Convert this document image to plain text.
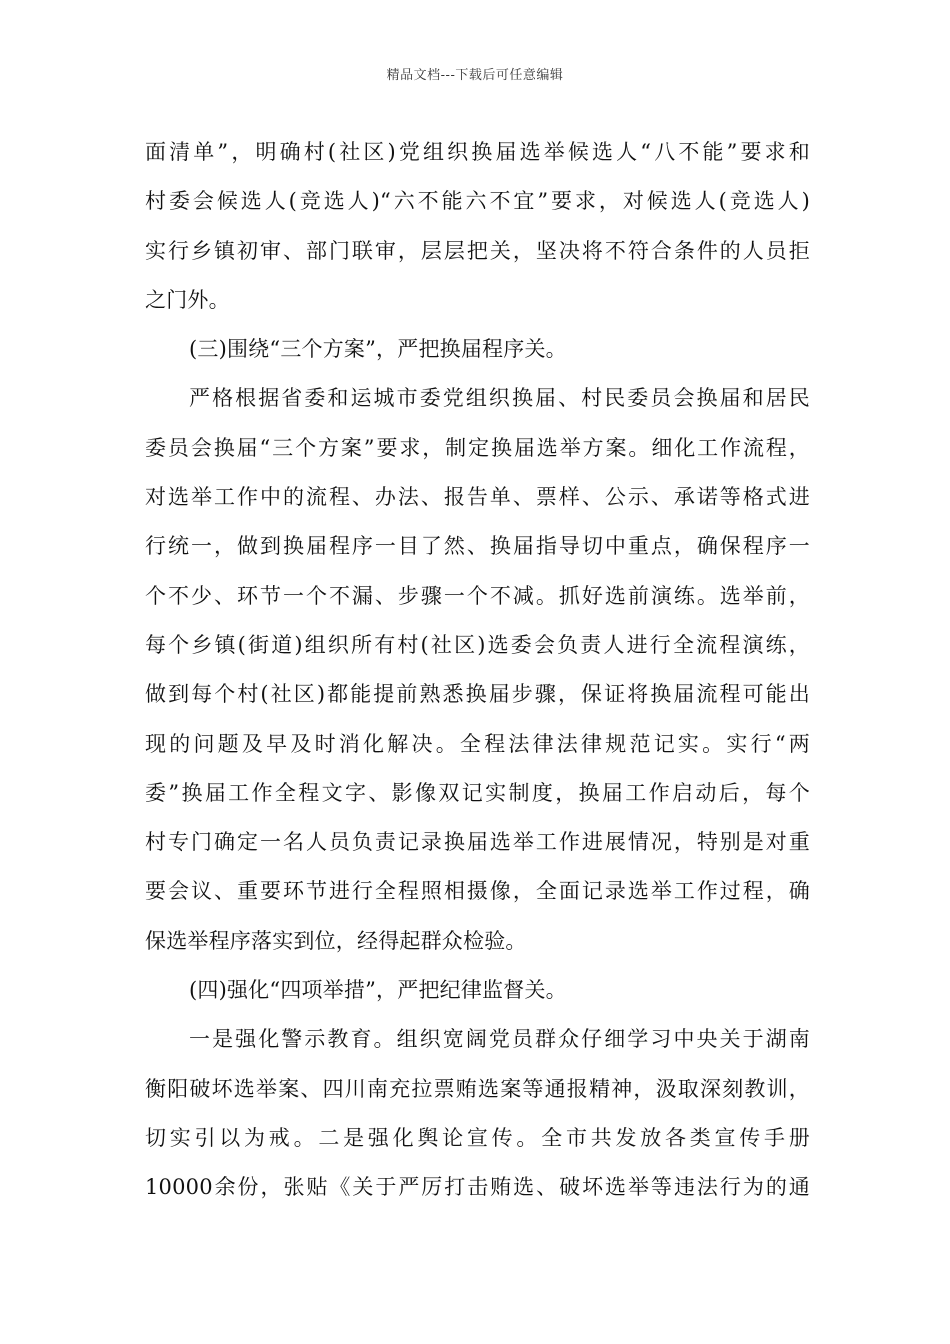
精品文档---下载后可任意编辑
面清单”，明确村(社区)党组织换届选举候选人“八不能”要求和
村委会候选人(竞选人)“六不能六不宜”要求，对候选人(竞选人)
实行乡镇初审、部门联审，层层把关，坚决将不符合条件的人员拒
之门外。
(三)围绕“三个方案”，严把换届程序关。
严格根据省委和运城市委党组织换届、村民委员会换届和居民
委员会换届“三个方案”要求，制定换届选举方案。细化工作流程，
对选举工作中的流程、办法、报告单、票样、公示、承诺等格式进
行统一，做到换届程序一目了然、换届指导切中重点，确保程序一
个不少、环节一个不漏、步骤一个不减。抓好选前演练。选举前，
每个乡镇(街道)组织所有村(社区)选委会负责人进行全流程演练，
做到每个村(社区)都能提前熟悉换届步骤，保证将换届流程可能出
现的问题及早及时消化解决。全程法律法律规范记实。实行“两
委”换届工作全程文字、影像双记实制度，换届工作启动后，每个
村专门确定一名人员负责记录换届选举工作进展情况，特别是对重
要会议、重要环节进行全程照相摄像，全面记录选举工作过程，确
保选举程序落实到位，经得起群众检验。
(四)强化“四项举措”，严把纪律监督关。
一是强化警示教育。组织宽阔党员群众仔细学习中央关于湖南
衡阳破坏选举案、四川南充拉票贿选案等通报精神，汲取深刻教训，
切实引以为戒。二是强化舆论宣传。全市共发放各类宣传手册
10000余份，张贴《关于严厉打击贿选、破坏选举等违法行为的通
